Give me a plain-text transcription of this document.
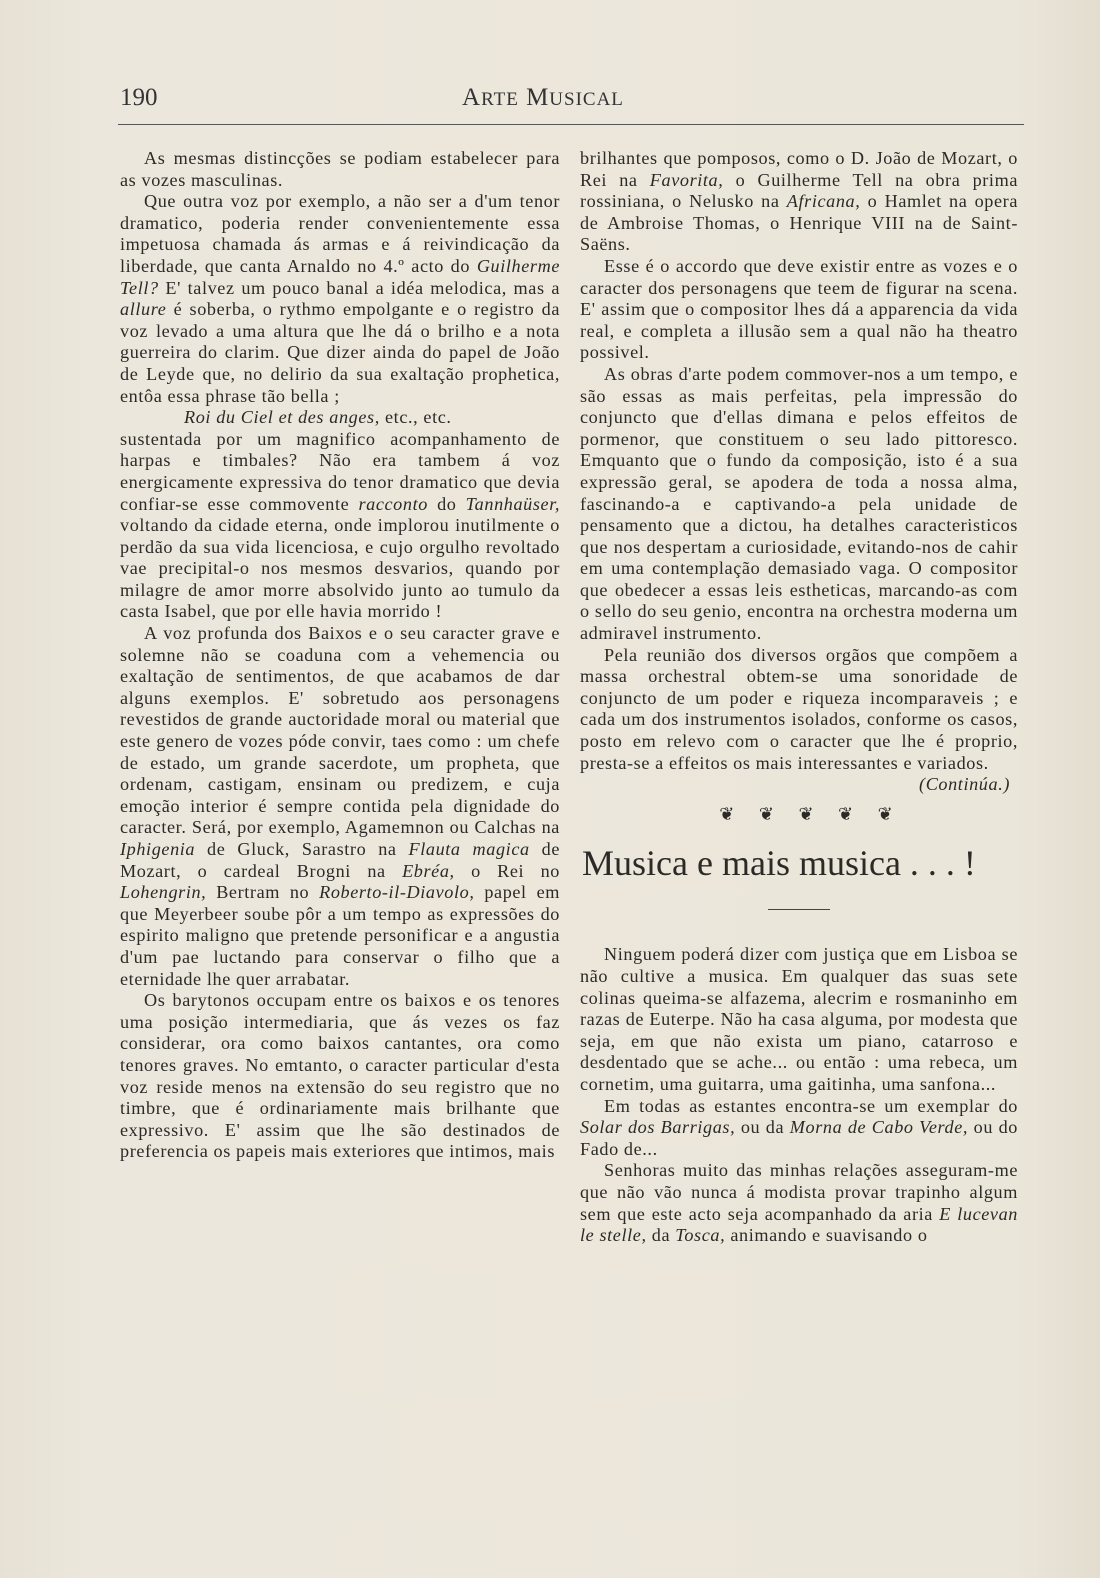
190	ARTE MUSICAL

As mesmas distincções se podiam estabelecer para as vozes masculinas.

Que outra voz por exemplo, a não ser a d'um tenor dramatico, poderia render convenientemente essa impetuosa chamada ás armas e á reivindicação da liberdade, que canta Arnaldo no 4.º acto do Guilherme Tell? E' talvez um pouco banal a idéa melodica, mas a allure é soberba, o rythmo empolgante e o registro da voz levado a uma altura que lhe dá o brilho e a nota guerreira do clarim. Que dizer ainda do papel de João de Leyde que, no delirio da sua exaltação prophetica, entôa essa phrase tão bella ;

Roi du Ciel et des anges, etc., etc.

sustentada por um magnifico acompanhamento de harpas e timbales? Não era tambem á voz energicamente expressiva do tenor dramatico que devia confiar-se esse commovente racconto do Tannhaüser, voltando da cidade eterna, onde implorou inutilmente o perdão da sua vida licenciosa, e cujo orgulho revoltado vae precipital-o nos mesmos desvarios, quando por milagre de amor morre absolvido junto ao tumulo da casta Isabel, que por elle havia morrido !

A voz profunda dos Baixos e o seu caracter grave e solemne não se coaduna com a vehemencia ou exaltação de sentimentos, de que acabamos de dar alguns exemplos. E' sobretudo aos personagens revestidos de grande auctoridade moral ou material que este genero de vozes póde convir, taes como : um chefe de estado, um grande sacerdote, um propheta, que ordenam, castigam, ensinam ou predizem, e cuja emoção interior é sempre contida pela dignidade do caracter. Será, por exemplo, Agamemnon ou Calchas na Iphigenia de Gluck, Sarastro na Flauta magica de Mozart, o cardeal Brogni na Ebréa, o Rei no Lohengrin, Bertram no Roberto-il-Diavolo, papel em que Meyerbeer soube pôr a um tempo as expressões do espirito maligno que pretende personificar e a angustia d'um pae luctando para conservar o filho que a eternidade lhe quer arrabatar.

Os barytonos occupam entre os baixos e os tenores uma posição intermediaria, que ás vezes os faz considerar, ora como baixos cantantes, ora como tenores graves. No emtanto, o caracter particular d'esta voz reside menos na extensão do seu registro que no timbre, que é ordinariamente mais brilhante que expressivo. E' assim que lhe são destinados de preferencia os papeis mais exteriores que intimos, mais

brilhantes que pomposos, como o D. João de Mozart, o Rei na Favorita, o Guilherme Tell na obra prima rossiniana, o Nelusko na Africana, o Hamlet na opera de Ambroise Thomas, o Henrique VIII na de Saint-Saëns.

Esse é o accordo que deve existir entre as vozes e o caracter dos personagens que teem de figurar na scena. E' assim que o compositor lhes dá a apparencia da vida real, e completa a illusão sem a qual não ha theatro possivel.

As obras d'arte podem commover-nos a um tempo, e são essas as mais perfeitas, pela impressão do conjuncto que d'ellas dimana e pelos effeitos de pormenor, que constituem o seu lado pittoresco. Emquanto que o fundo da composição, isto é a sua expressão geral, se apodera de toda a nossa alma, fascinando-a e captivando-a pela unidade de pensamento que a dictou, ha detalhes caracteristicos que nos despertam a curiosidade, evitando-nos de cahir em uma contemplação demasiado vaga. O compositor que obedecer a essas leis estheticas, marcando-as com o sello do seu genio, encontra na orchestra moderna um admiravel instrumento.

Pela reunião dos diversos orgãos que compõem a massa orchestral obtem-se uma sonoridade de conjuncto de um poder e riqueza incomparaveis ; e cada um dos instrumentos isolados, conforme os casos, posto em relevo com o caracter que lhe é proprio, presta-se a effeitos os mais interessantes e variados.

(Continúa.)

❦ ❦ ❦ ❦ ❦
Musica e mais musica . . . !

Ninguem poderá dizer com justiça que em Lisboa se não cultive a musica. Em qualquer das suas sete colinas queima-se alfazema, alecrim e rosmaninho em razas de Euterpe. Não ha casa alguma, por modesta que seja, em que não exista um piano, catarroso e desdentado que se ache... ou então : uma rebeca, um cornetim, uma guitarra, uma gaitinha, uma sanfona...

Em todas as estantes encontra-se um exemplar do Solar dos Barrigas, ou da Morna de Cabo Verde, ou do Fado de...

Senhoras muito das minhas relações asseguram-me que não vão nunca á modista provar trapinho algum sem que este acto seja acompanhado da aria E lucevan le stelle, da Tosca, animando e suavisando o
